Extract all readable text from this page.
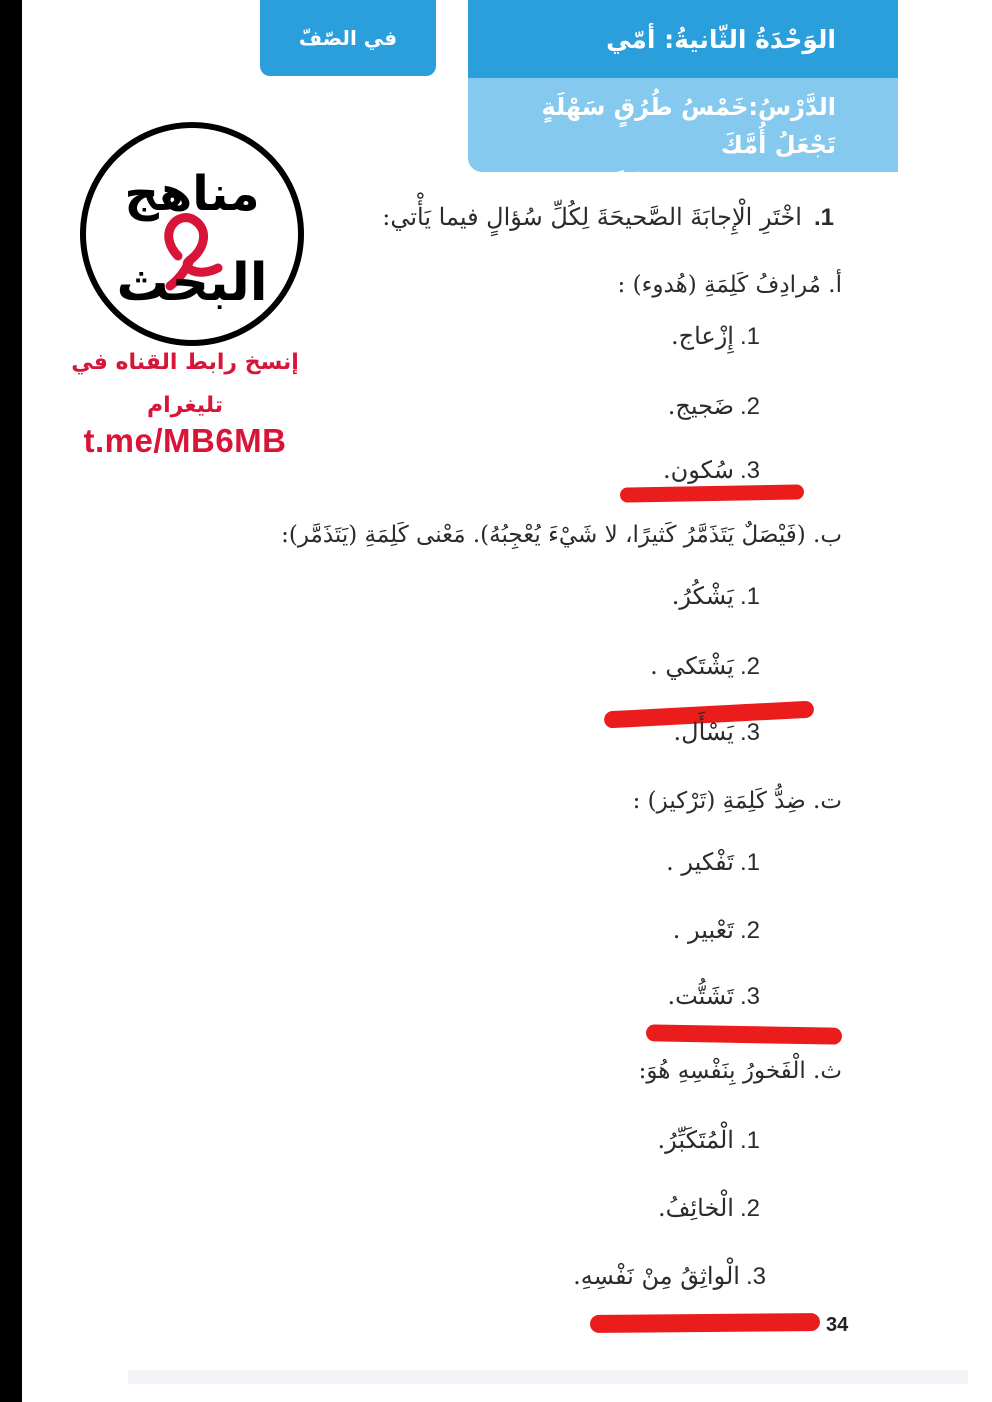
في الصّفّ	الوَحْدَةُ الثّانيةُ: أمّي
الدَّرْسُ:خَمْسُ طُرُقٍ سَهْلَةٍ تَجْعَلُ أُمَّكَ
سَعيدَةً وَراضِيَةً عَنْكَ
مناهج
البحث
إنسخ رابط القناه في
تليغرام
t.me/MB6MB
1.اخْتَرِ الْإِجابَةَ الصَّحيحَةَ لِكُلِّ سُؤالٍ فيما يَأْتي:
أ. مُرادِفُ كَلِمَةِ (هُدوء) :
1.إِزْعاج.
2.ضَجيج.
3.سُكون.
ب. (فَيْصَلٌ يَتَذَمَّرُ كَثيرًا، لا شَيْءَ يُعْجِبُهُ). مَعْنى كَلِمَةِ (يَتَذَمَّر):
1.يَشْكُرُ.
2.يَشْتَكي .
3.يَسْأَل.
ت. ضِدُّ كَلِمَةِ (تَرْكيز) :
1.تَفْكير .
2.تَعْبير .
3.تَشَتُّت.
ث. الْفَخورُ بِنَفْسِهِ هُوَ:
1.الْمُتَكَبِّرُ.
2.الْخائِفُ.
3.الْواثِقُ مِنْ نَفْسِهِ.
34
